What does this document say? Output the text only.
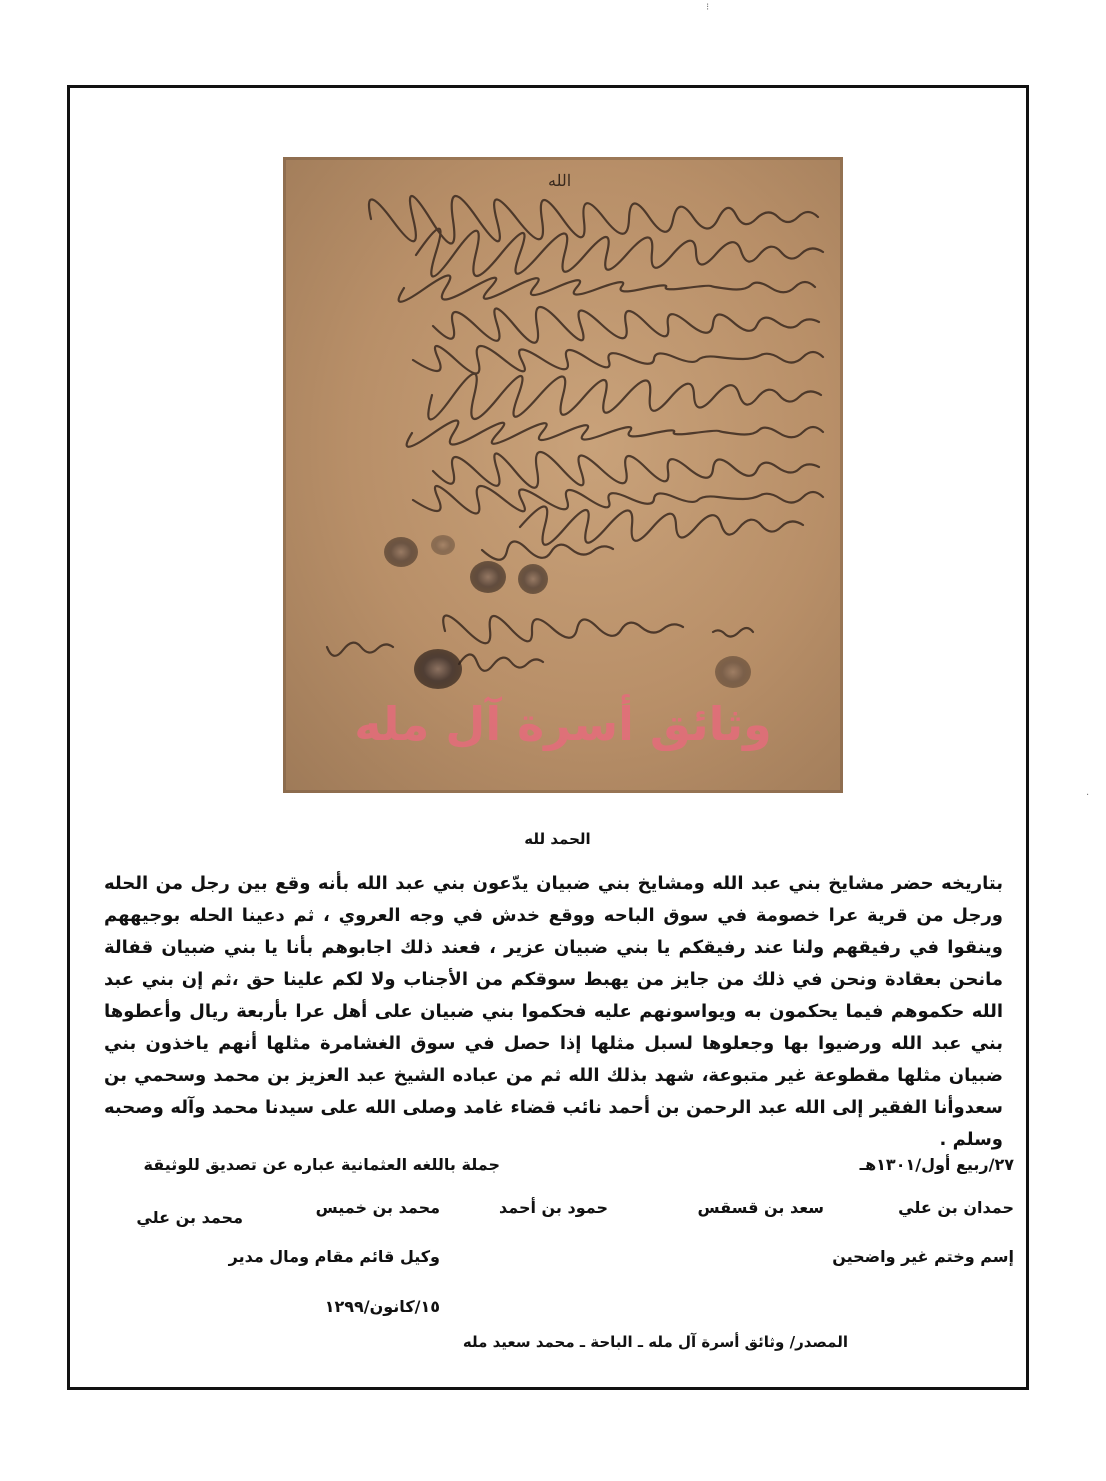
⁝
·
الله
وثائق أسرة آل مله
الحمد لله

بتاريخه حضر مشايخ بني عبد الله ومشايخ بني ضبيان يدّعون بني عبد الله بأنه وقع بين رجل من الحله ورجل من قرية عرا خصومة في سوق الباحه ووقع خدش في وجه العروي ، ثم دعينا الحله بوجيههم وينقوا في رفيقهم ولنا عند رفيقكم يا بني ضبيان عزير ، فعند ذلك اجابوهم بأنا يا بني ضبيان قفالة مانحن بعقادة ونحن في ذلك من جايز من يهبط سوقكم من الأجناب ولا لكم علينا حق ،ثم إن بني عبد الله حكموهم فيما يحكمون به ويواسونهم عليه فحكموا بني ضبيان على أهل عرا بأربعة ريال وأعطوها بني عبد الله ورضيوا بها وجعلوها لسبل مثلها إذا حصل في سوق الغشامرة مثلها أنهم ياخذون بني ضبيان مثلها مقطوعة غير متبوعة، شهد بذلك الله ثم من عباده الشيخ عبد العزيز بن محمد وسحمي بن سعدوأنا الفقير إلى الله عبد الرحمن بن أحمد نائب قضاء غامد وصلى الله على سيدنا محمد وآله وصحبه وسلم .

٢٧/ربيع أول/١٣٠١هـ
جملة باللغه العثمانية عباره عن تصديق للوثيقة
حمدان بن علي
سعد بن قسقس
حمود بن أحمد
محمد بن خميس
محمد بن علي
إسم وختم غير واضحين
وكيل قائم مقام ومال مدير
١٥/كانون/١٢٩٩
المصدر/ وثائق أسرة آل مله ـ الباحة ـ محمد سعيد مله
